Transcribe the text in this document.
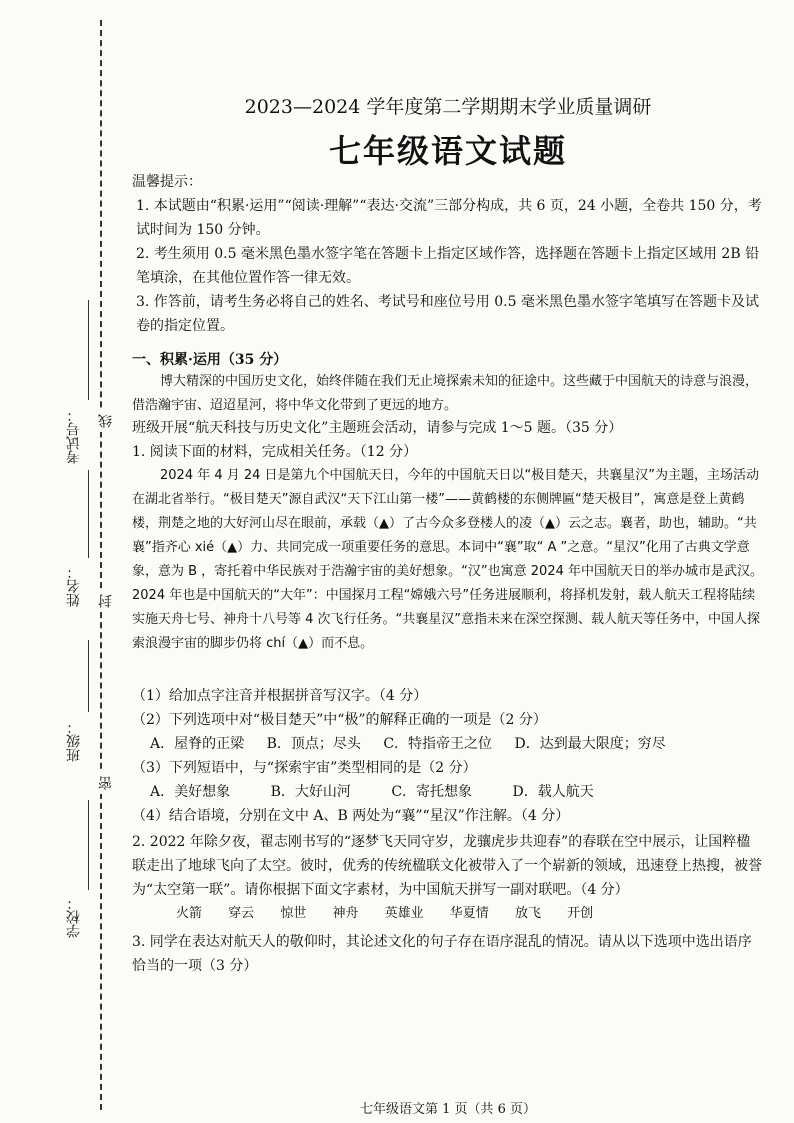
考试号：
姓名：
班级：
学校：
线
封
密
2023—2024 学年度第二学期期末学业质量调研
七年级语文试题
温馨提示：
1. 本试题由“积累·运用”“阅读·理解”“表达·交流”三部分构成，共 6 页，24 小题，全卷共 150 分，考试时间为 150 分钟。
2. 考生须用 0.5 毫米黑色墨水签字笔在答题卡上指定区域作答，选择题在答题卡上指定区域用 2B 铅笔填涂，在其他位置作答一律无效。
3. 作答前，请考生务必将自己的姓名、考试号和座位号用 0.5 毫米黑色墨水签字笔填写在答题卡及试卷的指定位置。
一、积累·运用（35 分）
博大精深的中国历史文化，始终伴随在我们无止境探索未知的征途中。这些藏于中国航天的诗意与浪漫，借浩瀚宇宙、迢迢星河，将中华文化带到了更远的地方。
班级开展“航天科技与历史文化”主题班会活动，请参与完成 1～5 题。（35 分）
1. 阅读下面的材料，完成相关任务。（12 分）
2024 年 4 月 24 日是第九个中国航天日，今年的中国航天日以“极目楚天，共襄星汉”为主题，主场活动在湖北省举行。“极目楚天”源自武汉“天下江山第一楼”——黄鹤楼的东侧牌匾“楚天极目”，寓意是登上黄鹤楼，荆楚之地的大好河山尽在眼前，承载（▲）了古今众多登楼人的凌（▲）云之志。襄者，助也，辅助。“共襄”指齐心 xié（▲）力、共同完成一项重要任务的意思。本词中“襄”取“ A ”之意。“星汉”化用了古典文学意象，意为 B ，寄托着中华民族对于浩瀚宇宙的美好想象。“汉”也寓意 2024 年中国航天日的举办城市是武汉。2024 年也是中国航天的“大年”：中国探月工程“嫦娥六号”任务进展顺利，将择机发射，载人航天工程将陆续实施天舟七号、神舟十八号等 4 次飞行任务。“共襄星汉”意指未来在深空探测、载人航天等任务中，中国人探索浪漫宇宙的脚步仍将 chí（▲）而不息。
（1）给加点字注音并根据拼音写汉字。（4 分）
（2）下列选项中对“极目楚天”中“极”的解释正确的一项是（2 分）
A．屋脊的正梁 B．顶点；尽头 C．特指帝王之位 D．达到最大限度；穷尽
（3）下列短语中，与“探索宇宙”类型相同的是（2 分）
A．美好想象	B．大好山河	C．寄托想象	D．载人航天
（4）结合语境，分别在文中 A、B 两处为“襄”“星汉”作注解。（4 分）
2. 2022 年除夕夜，翟志刚书写的“逐梦飞天同守岁，龙骧虎步共迎春”的春联在空中展示，让国粹楹联走出了地球飞向了太空。彼时，优秀的传统楹联文化被带入了一个崭新的领域，迅速登上热搜，被誉为“太空第一联”。请你根据下面文字素材，为中国航天拼写一副对联吧。（4 分）
火箭 穿云 惊世 神舟 英雄业 华夏情 放飞 开创
3. 同学在表达对航天人的敬仰时，其论述文化的句子存在语序混乱的情况。请从以下选项中选出语序恰当的一项（3 分）
七年级语文第 1 页（共 6 页）
